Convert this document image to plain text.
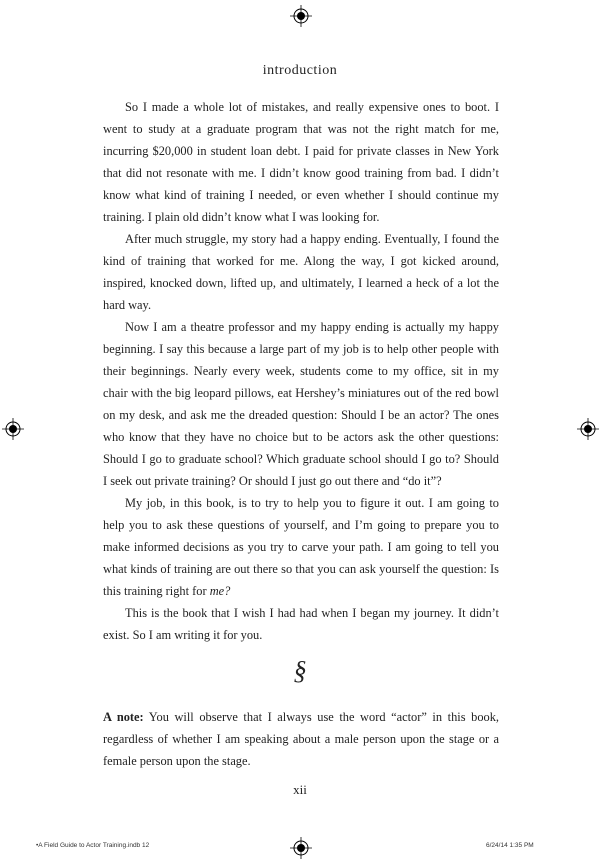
introduction

So I made a whole lot of mistakes, and really expensive ones to boot. I went to study at a graduate program that was not the right match for me, incurring $20,000 in student loan debt. I paid for private classes in New York that did not resonate with me. I didn’t know good training from bad. I didn’t know what kind of training I needed, or even whether I should continue my training. I plain old didn’t know what I was looking for.

After much struggle, my story had a happy ending. Eventually, I found the kind of training that worked for me. Along the way, I got kicked around, inspired, knocked down, lifted up, and ultimately, I learned a heck of a lot the hard way.

Now I am a theatre professor and my happy ending is actually my happy beginning. I say this because a large part of my job is to help other people with their beginnings. Nearly every week, students come to my office, sit in my chair with the big leopard pillows, eat Hershey’s miniatures out of the red bowl on my desk, and ask me the dreaded question: Should I be an actor? The ones who know that they have no choice but to be actors ask the other questions: Should I go to graduate school? Which graduate school should I go to? Should I seek out private training? Or should I just go out there and “do it”?

My job, in this book, is to try to help you to figure it out. I am going to help you to ask these questions of yourself, and I’m going to prepare you to make informed decisions as you try to carve your path. I am going to tell you what kinds of training are out there so that you can ask yourself the question: Is this training right for me?

This is the book that I wish I had had when I began my journey. It didn’t exist. So I am writing it for you.

§
A note: You will observe that I always use the word “actor” in this book, regardless of whether I am speaking about a male person upon the stage or a female person upon the stage.
xii
•A Field Guide to Actor Training.indb 12	6/24/14 1:35 PM
